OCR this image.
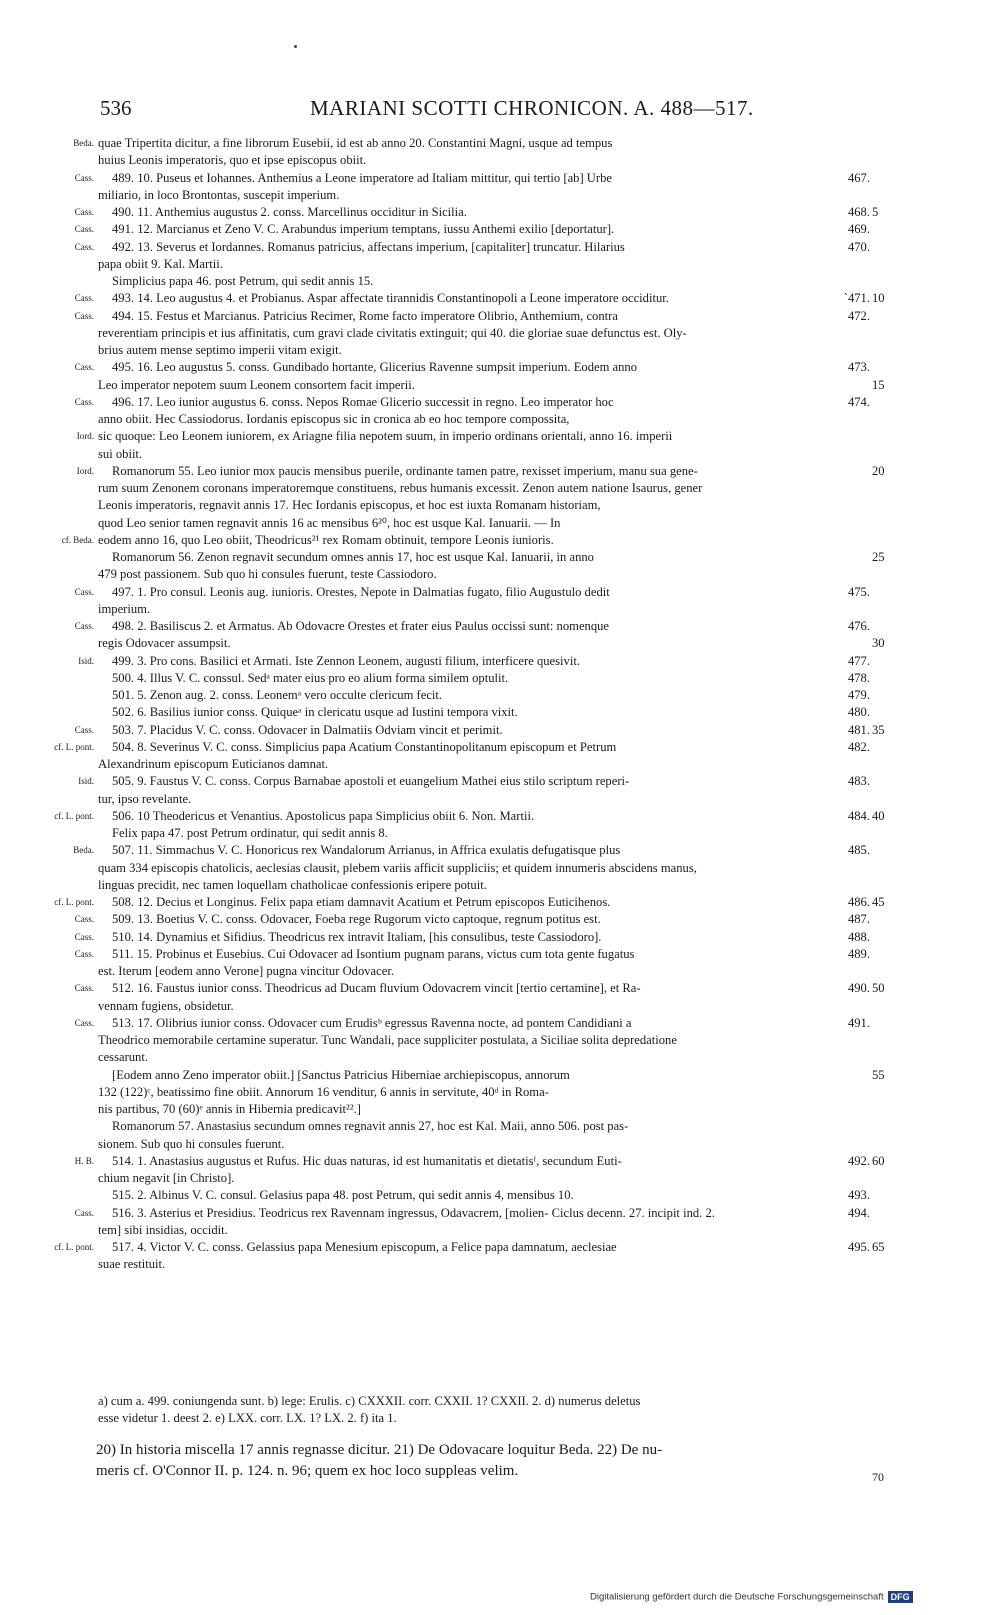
536	MARIANI SCOTTI CHRONICON. A. 488—517.
Beda. quae Tripertita dicitur, a fine librorum Eusebii, id est ab anno 20. Constantini Magni, usque ad tempus
huius Leonis imperatoris, quo et ipse episcopus obiit.
Cass. 489. 10. Puseus et Iohannes. Anthemius a Leone imperatore ad Italiam mittitur, qui tertio [ab] Urbe	467.
miliario, in loco Brontontas, suscepit imperium.
Cass. 490. 11. Anthemius augustus 2. conss. Marcellinus occiditur in Sicilia.	468. 5
Cass. 491. 12. Marcianus et Zeno V. C. Arabundus imperium temptans, iussu Anthemi exilio [deportatur].	469.
Cass. 492. 13. Severus et Iordannes. Romanus patricius, affectans imperium, [capitaliter] truncatur. Hilarius	470.
papa obiit 9. Kal. Martii.
Simplicius papa 46. post Petrum, qui sedit annis 15.
Cass. 493. 14. Leo augustus 4. et Probianus. Aspar affectate tirannidis Constantinopoli a Leone imperatore occiditur.	`471. 10
Cass. 494. 15. Festus et Marcianus. Patricius Recimer, Rome facto imperatore Olibrio, Anthemium, contra	472.
reverentiam principis et ius affinitatis, cum gravi clade civitatis extinguit; qui 40. die gloriae suae defunctus est. Oly-
brius autem mense septimo imperii vitam exigit.
Cass. 495. 16. Leo augustus 5. conss. Gundibado hortante, Glicerius Ravenne sumpsit imperium. Eodem anno	473.
Leo imperator nepotem suum Leonem consortem facit imperii.	15
Cass. 496. 17. Leo iunior augustus 6. conss. Nepos Romae Glicerio successit in regno. Leo imperator hoc	474.
anno obiit. Hec Cassiodorus. Iordanis episcopus sic in cronica ab eo hoc tempore compossita,
Iord. sic quoque: Leo Leonem iuniorem, ex Ariagne filia nepotem suum, in imperio ordinans orientali, anno 16. imperii
sui obiit.
Iord. Romanorum 55. Leo iunior mox paucis mensibus puerile, ordinante tamen patre, rexisset imperium, manu sua gene-	20
rum suum Zenonem coronans imperatoremque constituens, rebus humanis excessit. Zenon autem natione Isaurus, gener
Leonis imperatoris, regnavit annis 17. Hec Iordanis episcopus, et hoc est iuxta Romanam historiam,
quod Leo senior tamen regnavit annis 16 ac mensibus 6²⁰, hoc est usque Kal. Ianuarii. — In
cf. Beda. eodem anno 16, quo Leo obiit, Theodricus²¹ rex Romam obtinuit, tempore Leonis iunioris.
Romanorum 56. Zenon regnavit secundum omnes annis 17, hoc est usque Kal. Ianuarii, in anno	25
479 post passionem. Sub quo hi consules fuerunt, teste Cassiodoro.
Cass. 497. 1. Pro consul. Leonis aug. iunioris. Orestes, Nepote in Dalmatias fugato, filio Augustulo dedit	475.
imperium.
Cass. 498. 2. Basiliscus 2. et Armatus. Ab Odovacre Orestes et frater eius Paulus occissi sunt: nomenque	476.
regis Odovacer assumpsit.	30
Isid. 499. 3. Pro cons. Basilici et Armati. Iste Zennon Leonem, augusti filium, interficere quesivit.	477.
500. 4. Illus V. C. conssul. Sedᵃ mater eius pro eo alium forma similem optulit.	478.
501. 5. Zenon aug. 2. conss. Leonemᵃ vero occulte clericum fecit.	479.
502. 6. Basilius iunior conss. Quiqueᵃ in clericatu usque ad Iustini tempora vixit.	480.
Cass. 503. 7. Placidus V. C. conss. Odovacer in Dalmatiis Odviam vincit et perimit.	481. 35
cf. L. pont. 504. 8. Severinus V. C. conss. Simplicius papa Acatium Constantinopolitanum episcopum et Petrum	482.
Alexandrinum episcopum Euticianos damnat.
Isid. 505. 9. Faustus V. C. conss. Corpus Barnabae apostoli et euangelium Mathei eius stilo scriptum reperi-	483.
tur, ipso revelante.
cf. L. pont. 506. 10 Theodericus et Venantius. Apostolicus papa Simplicius obiit 6. Non. Martii.	484. 40
Felix papa 47. post Petrum ordinatur, qui sedit annis 8.
Beda. 507. 11. Simmachus V. C. Honoricus rex Wandalorum Arrianus, in Affrica exulatis defugatisque plus	485.
quam 334 episcopis chatolicis, aeclesias clausit, plebem variis afficit suppliciis; et quidem innumeris abscidens manus,
linguas precidit, nec tamen loquellam chatholicae confessionis eripere potuit.
cf. L. pont. 508. 12. Decius et Longinus. Felix papa etiam damnavit Acatium et Petrum episcopos Euticihenos.	486. 45
Cass. 509. 13. Boetius V. C. conss. Odovacer, Foeba rege Rugorum victo captoque, regnum potitus est.	487.
Cass. 510. 14. Dynamius et Sifidius. Theodricus rex intravit Italiam, [his consulibus, teste Cassiodoro].	488.
Cass. 511. 15. Probinus et Eusebius. Cui Odovacer ad Isontium pugnam parans, victus cum tota gente fugatus	489.
est. Iterum [eodem anno Verone] pugna vincitur Odovacer.
Cass. 512. 16. Faustus iunior conss. Theodricus ad Ducam fluvium Odovacrem vincit [tertio certamine], et Ra-	490. 50
vennam fugiens, obsidetur.
Cass. 513. 17. Olibrius iunior conss. Odovacer cum Erudisᵇ egressus Ravenna nocte, ad pontem Candidiani a	491.
Theodrico memorabile certamine superatur. Tunc Wandali, pace suppliciter postulata, a Siciliae solita depredatione
cessarunt.
[Eodem anno Zeno imperator obiit.] [Sanctus Patricius Hiberniae archiepiscopus, annorum	55
132 (122)ᶜ, beatissimo fine obiit. Annorum 16 venditur, 6 annis in servitute, 40ᵈ in Roma-
nis partibus, 70 (60)ᵉ annis in Hibernia predicavit²².]
Romanorum 57. Anastasius secundum omnes regnavit annis 27, hoc est Kal. Maii, anno 506. post pas-
sionem. Sub quo hi consules fuerunt.
H. B. 514. 1. Anastasius augustus et Rufus. Hic duas naturas, id est humanitatis et dietatisᶠ, secundum Euti-	492. 60
chium negavit [in Christo].
515. 2. Albinus V. C. consul. Gelasius papa 48. post Petrum, qui sedit annis 4, mensibus 10.	493.
Cass. 516. 3. Asterius et Presidius. Teodricus rex Ravennam ingressus, Odavacrem, [molien- Ciclus decenn. 27. incipit ind. 2.	494.
tem] sibi insidias, occidit.
cf. L. pont. 517. 4. Victor V. C. conss. Gelassius papa Menesium episcopum, a Felice papa damnatum, aeclesiae	495. 65
suae restituit.
a) cum a. 499. coniungenda sunt. b) lege: Erulis. c) CXXXII. corr. CXXII. 1? CXXII. 2. d) numerus deletus
esse videtur 1. deest 2. e) LXX. corr. LX. 1? LX. 2. f) ita 1.
20) In historia miscella 17 annis regnasse dicitur. 21) De Odovacare loquitur Beda. 22) De nu-
meris cf. O'Connor II. p. 124. n. 96; quem ex hoc loco suppleas velim.	70
Digitalisierung gefördert durch die Deutsche Forschungsgemeinschaft DFG
